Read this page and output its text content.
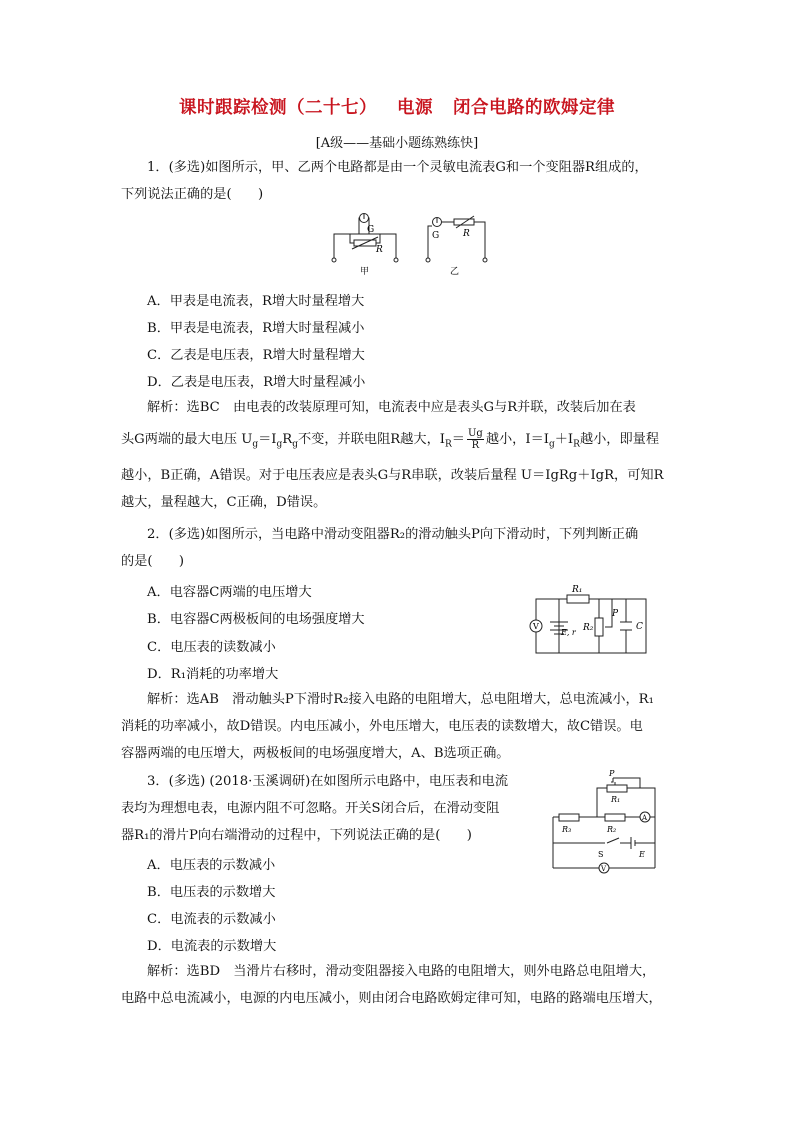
课时跟踪检测（二十七） 电源 闭合电路的欧姆定律
[A级——基础小题练熟练快]
1．(多选)如图所示，甲、乙两个电路都是由一个灵敏电流表G和一个变阻器R组成的，
下列说法正确的是(　　)
G
R
甲
G	R
乙
A．甲表是电流表，R增大时量程增大
B．甲表是电流表，R增大时量程减小
C．乙表是电压表，R增大时量程增大
D．乙表是电压表，R增大时量程减小
解析：选BC　由电表的改装原理可知，电流表中应是表头G与R并联，改装后加在表
头G两端的最大电压 $U_g=I_gR_g$不变，并联电阻R越大，$I_R= \frac{Ug}{R}$ 越小，$I=I_g+I_R$越小，即量程
越小，B正确，A错误。对于电压表应是表头G与R串联，改装后量程 U＝IgRg＋IgR，可知R
越大，量程越大，C正确，D错误。
2．(多选)如图所示，当电路中滑动变阻器R₂的滑动触头P向下滑动时，下列判断正确
的是(　　)
A．电容器C两端的电压增大
B．电容器C两极板间的电场强度增大
C．电压表的读数减小
D．R₁消耗的功率增大
R₁
P
R₂	C
V
E, r
解析：选AB　滑动触头P下滑时R₂接入电路的电阻增大，总电阻增大，总电流减小，R₁
消耗的功率减小，故D错误。内电压减小，外电压增大，电压表的读数增大，故C错误。电
容器两端的电压增大，两极板间的电场强度增大，A、B选项正确。
3．(多选) (2018·玉溪调研)在如图所示电路中，电压表和电流
表均为理想电表，电源内阻不可忽略。开关S闭合后，在滑动变阻
器R₁的滑片P向右端滑动的过程中，下列说法正确的是(　　)
P
R₁
R₃	R₂
A
S	E
V
A．电压表的示数减小
B．电压表的示数增大
C．电流表的示数减小
D．电流表的示数增大
解析：选BD　当滑片右移时，滑动变阻器接入电路的电阻增大，则外电路总电阻增大，
电路中总电流减小，电源的内电压减小，则由闭合电路欧姆定律可知，电路的路端电压增大，
